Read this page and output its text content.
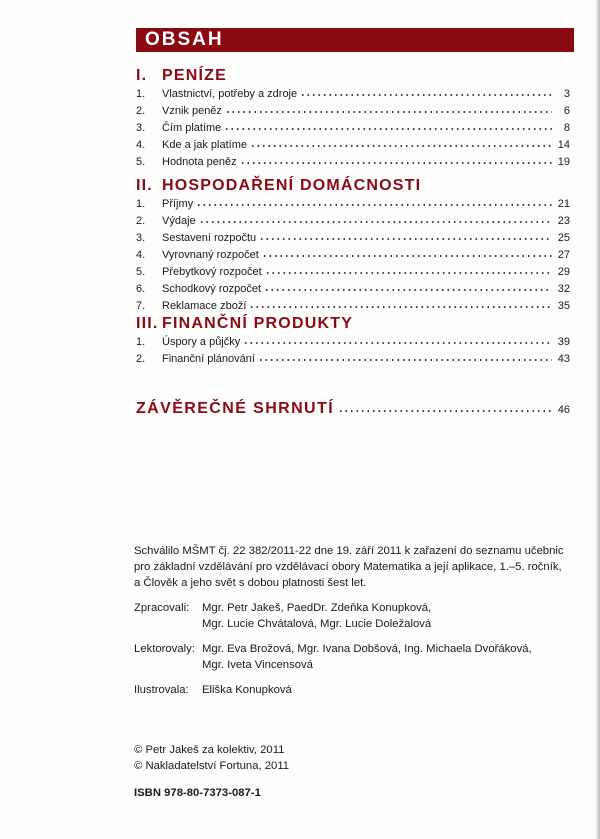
OBSAH
I. PENÍZE
1.	Vlastnictví, potřeby a zdroje	3
2.	Vznik peněz	6
3.	Čím platíme	8
4.	Kde a jak platíme	14
5.	Hodnota peněz	19
II. HOSPODAŘENÍ DOMÁCNOSTI
1.	Příjmy	21
2.	Výdaje	23
3.	Sestavení rozpočtu	25
4.	Vyrovnaný rozpočet	27
5.	Přebytkový rozpočet	29
6.	Schodkový rozpočet	32
7.	Reklamace zboží	35
III. FINANČNÍ PRODUKTY
1.	Úspory a půjčky	39
2.	Finanční plánování	43
ZÁVĚREČNÉ SHRNUTÍ	46
Schválilo MŠMT čj. 22 382/2011-22 dne 19. září 2011 k zařazení do seznamu učebnic
pro základní vzdělávání pro vzdělávací obory Matematika a její aplikace, 1.–5. ročník,
a Člověk a jeho svět s dobou platnosti šest let.
Zpracovali:	Mgr. Petr Jakeš, PaedDr. Zdeňka Konupková,
Mgr. Lucie Chvátalová, Mgr. Lucie Doležalová
Lektorovaly: Mgr. Eva Brožová, Mgr. Ivana Dobšová, Ing. Michaela Dvořáková,
Mgr. Iveta Vincensová
Ilustrovala:	Eliška Konupková
© Petr Jakeš za kolektiv, 2011
© Nakladatelství Fortuna, 2011
ISBN 978-80-7373-087-1
